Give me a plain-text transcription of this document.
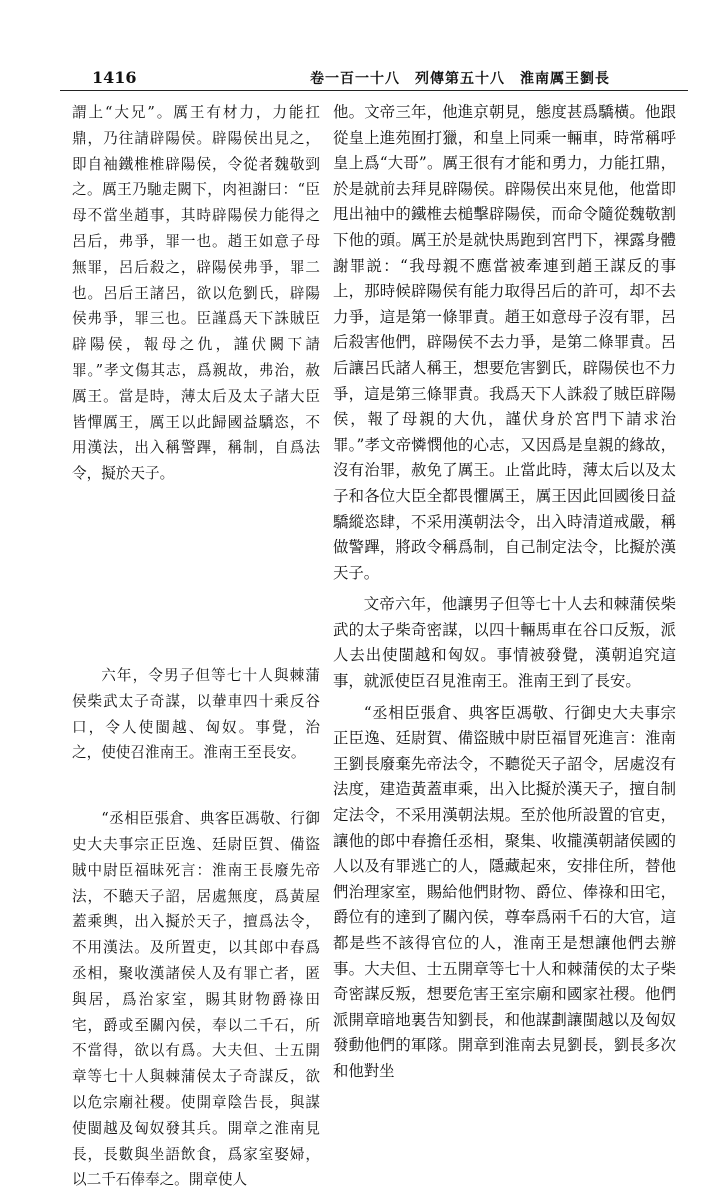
1416	卷一百一十八　列傳第五十八　淮南厲王劉長

謂上“大兄”。厲王有材力，力能扛鼎，乃往請辟陽侯。辟陽侯出見之，即自袖鐵椎椎辟陽侯，令從者魏敬剄之。厲王乃馳走闕下，肉袒謝曰：“臣母不當坐趙事，其時辟陽侯力能得之呂后，弗爭，罪一也。趙王如意子母無罪，呂后殺之，辟陽侯弗爭，罪二也。呂后王諸呂，欲以危劉氏，辟陽侯弗爭，罪三也。臣謹爲天下誅賊臣辟陽侯，報母之仇，謹伏闕下請罪。”孝文傷其志，爲親故，弗治，赦厲王。當是時，薄太后及太子諸大臣皆憚厲王，厲王以此歸國益驕恣，不用漢法，出入稱警蹕，稱制，自爲法令，擬於天子。

六年，令男子但等七十人與棘蒲侯柴武太子奇謀，以輂車四十乘反谷口，令人使閩越、匈奴。事覺，治之，使使召淮南王。淮南王至長安。

“丞相臣張倉、典客臣馮敬、行御史大夫事宗正臣逸、廷尉臣賀、備盜賊中尉臣福昧死言：淮南王長廢先帝法，不聽天子詔，居處無度，爲黃屋蓋乘輿，出入擬於天子，擅爲法令，不用漢法。及所置吏，以其郎中春爲丞相，聚收漢諸侯人及有罪亡者，匿與居，爲治家室，賜其財物爵祿田宅，爵或至關內侯，奉以二千石，所不當得，欲以有爲。大夫但、士五開章等七十人與棘蒲侯太子奇謀反，欲以危宗廟社稷。使開章陰告長，與謀使閩越及匈奴發其兵。開章之淮南見長，長數與坐語飲食，爲家室娶婦，以二千石俸奉之。開章使人

他。文帝三年，他進京朝見，態度甚爲驕橫。他跟從皇上進苑囿打獵，和皇上同乘一輛車，時常稱呼皇上爲“大哥”。厲王很有才能和勇力，力能扛鼎，於是就前去拜見辟陽侯。辟陽侯出來見他，他當即甩出袖中的鐵椎去槌擊辟陽侯，而命令隨從魏敬割下他的頭。厲王於是就快馬跑到宮門下，裸露身體謝罪説：“我母親不應當被牽連到趙王謀反的事上，那時候辟陽侯有能力取得呂后的許可，却不去力爭，這是第一條罪責。趙王如意母子沒有罪，呂后殺害他們，辟陽侯不去力爭，是第二條罪責。呂后讓呂氏諸人稱王，想要危害劉氏，辟陽侯也不力爭，這是第三條罪責。我爲天下人誅殺了賊臣辟陽侯，報了母親的大仇，謹伏身於宮門下請求治罪。”孝文帝憐憫他的心志，又因爲是皇親的緣故，沒有治罪，赦免了厲王。止當此時，薄太后以及太子和各位大臣全都畏懼厲王，厲王因此回國後日益驕縱恣肆，不采用漢朝法令，出入時清道戒嚴，稱做警蹕，將政令稱爲制，自己制定法令，比擬於漢天子。

文帝六年，他讓男子但等七十人去和棘蒲侯柴武的太子柴奇密謀，以四十輛馬車在谷口反叛，派人去出使閩越和匈奴。事情被發覺，漢朝追究這事，就派使臣召見淮南王。淮南王到了長安。

“丞相臣張倉、典客臣馮敬、行御史大夫事宗正臣逸、廷尉賀、備盜賊中尉臣福冒死進言：淮南王劉長廢棄先帝法令，不聽從天子詔令，居處沒有法度，建造黃蓋車乘，出入比擬於漢天子，擅自制定法令，不采用漢朝法規。至於他所設置的官吏，讓他的郎中春擔任丞相，聚集、收攏漢朝諸侯國的人以及有罪逃亡的人，隱藏起來，安排住所，替他們治理家室，賜給他們財物、爵位、俸祿和田宅，爵位有的達到了關內侯，尊奉爲兩千石的大官，這都是些不該得官位的人，淮南王是想讓他們去辦事。大夫但、士五開章等七十人和棘蒲侯的太子柴奇密謀反叛，想要危害王室宗廟和國家社稷。他們派開章暗地裏告知劉長，和他謀劃讓閩越以及匈奴發動他們的軍隊。開章到淮南去見劉長，劉長多次和他對坐
